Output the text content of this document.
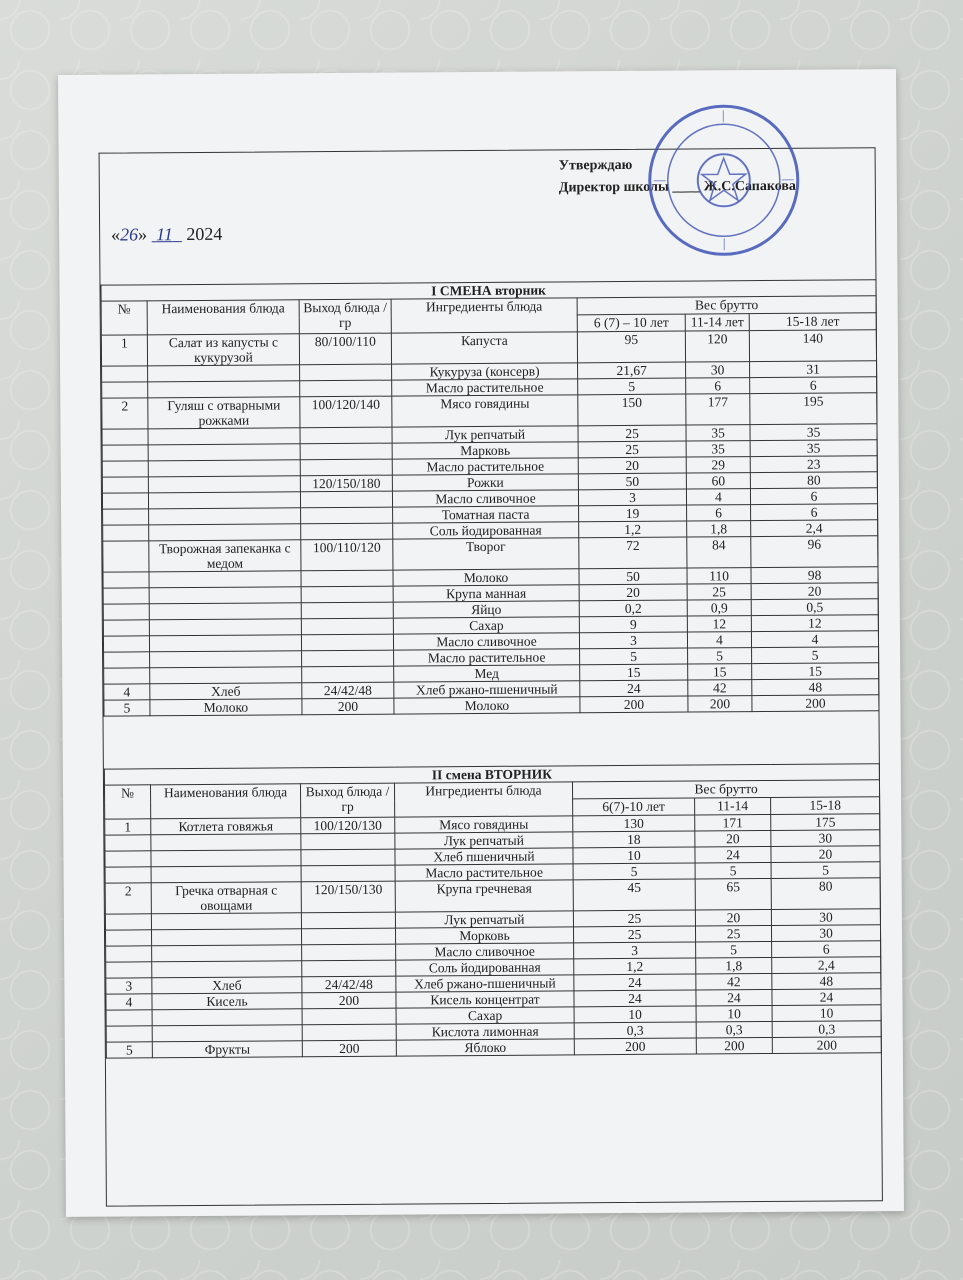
Утверждаю
Директор школы ____ Ж.С.Сапакова
«26» 11 2024
I СМЕНА вторник						
№	Наименования блюда	Выход блюда / гр	Ингредиенты блюда	Вес брутто		
				6 (7) – 10 лет	11-14 лет	15-18 лет
1	Салат из капусты с кукурузой	80/100/110	Капуста	95	120	140
			Кукуруза (консерв)	21,67	30	31
			Масло растительное	5	6	6
2	Гуляш с отварными рожками	100/120/140	Мясо говядины	150	177	195
			Лук репчатый	25	35	35
			Марковь	25	35	35
			Масло растительное	20	29	23
		120/150/180	Рожки	50	60	80
			Масло сливочное	3	4	6
			Томатная паста	19	6	6
			Соль йодированная	1,2	1,8	2,4
	Творожная запеканка с медом	100/110/120	Творог	72	84	96
			Молоко	50	110	98
			Крупа манная	20	25	20
			Яйцо	0,2	0,9	0,5
			Сахар	9	12	12
			Масло сливочное	3	4	4
			Масло растительное	5	5	5
			Мед	15	15	15
4	Хлеб	24/42/48	Хлеб ржано-пшеничный	24	42	48
5	Молоко	200	Молоко	200	200	200
II смена ВТОРНИК						
№	Наименования блюда	Выход блюда / гр	Ингредиенты блюда	Вес брутто		
				6(7)-10 лет	11-14	15-18
1	Котлета говяжья	100/120/130	Мясо говядины	130	171	175
			Лук репчатый	18	20	30
			Хлеб пшеничный	10	24	20
			Масло растительное	5	5	5
2	Гречка отварная с овощами	120/150/130	Крупа гречневая	45	65	80
			Лук репчатый	25	20	30
			Морковь	25	25	30
			Масло сливочное	3	5	6
			Соль йодированная	1,2	1,8	2,4
3	Хлеб	24/42/48	Хлеб ржано-пшеничный	24	42	48
4	Кисель	200	Кисель концентрат	24	24	24
			Сахар	10	10	10
			Кислота лимонная	0,3	0,3	0,3
5	Фрукты	200	Яблоко	200	200	200
